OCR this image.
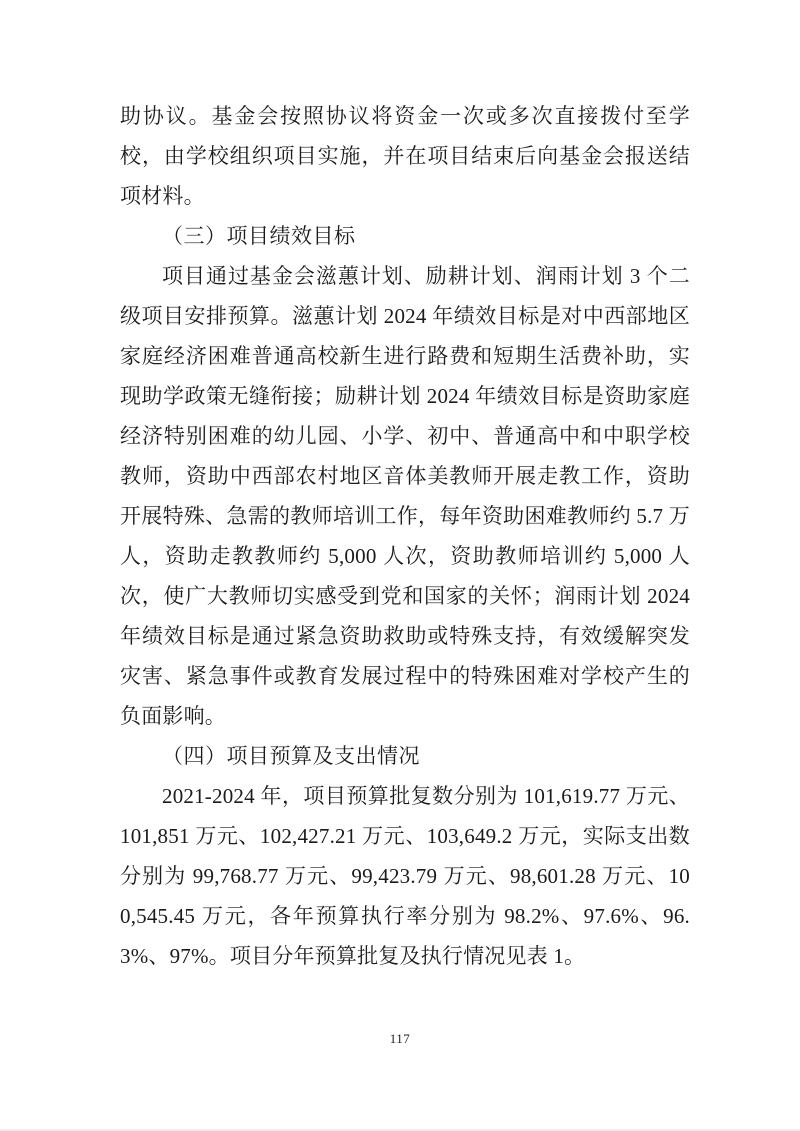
助协议。基金会按照协议将资金一次或多次直接拨付至学校，由学校组织项目实施，并在项目结束后向基金会报送结项材料。

（三）项目绩效目标

项目通过基金会滋蕙计划、励耕计划、润雨计划 3 个二级项目安排预算。滋蕙计划 2024 年绩效目标是对中西部地区家庭经济困难普通高校新生进行路费和短期生活费补助，实现助学政策无缝衔接；励耕计划 2024 年绩效目标是资助家庭经济特别困难的幼儿园、小学、初中、普通高中和中职学校教师，资助中西部农村地区音体美教师开展走教工作，资助开展特殊、急需的教师培训工作，每年资助困难教师约 5.7 万人，资助走教教师约 5,000 人次，资助教师培训约 5,000 人次，使广大教师切实感受到党和国家的关怀；润雨计划 2024 年绩效目标是通过紧急资助救助或特殊支持，有效缓解突发灾害、紧急事件或教育发展过程中的特殊困难对学校产生的负面影响。

（四）项目预算及支出情况

2021-2024 年，项目预算批复数分别为 101,619.77 万元、101,851 万元、102,427.21 万元、103,649.2 万元，实际支出数分别为 99,768.77 万元、99,423.79 万元、98,601.28 万元、100,545.45 万元，各年预算执行率分别为 98.2%、97.6%、96.3%、97%。项目分年预算批复及执行情况见表 1。

117
